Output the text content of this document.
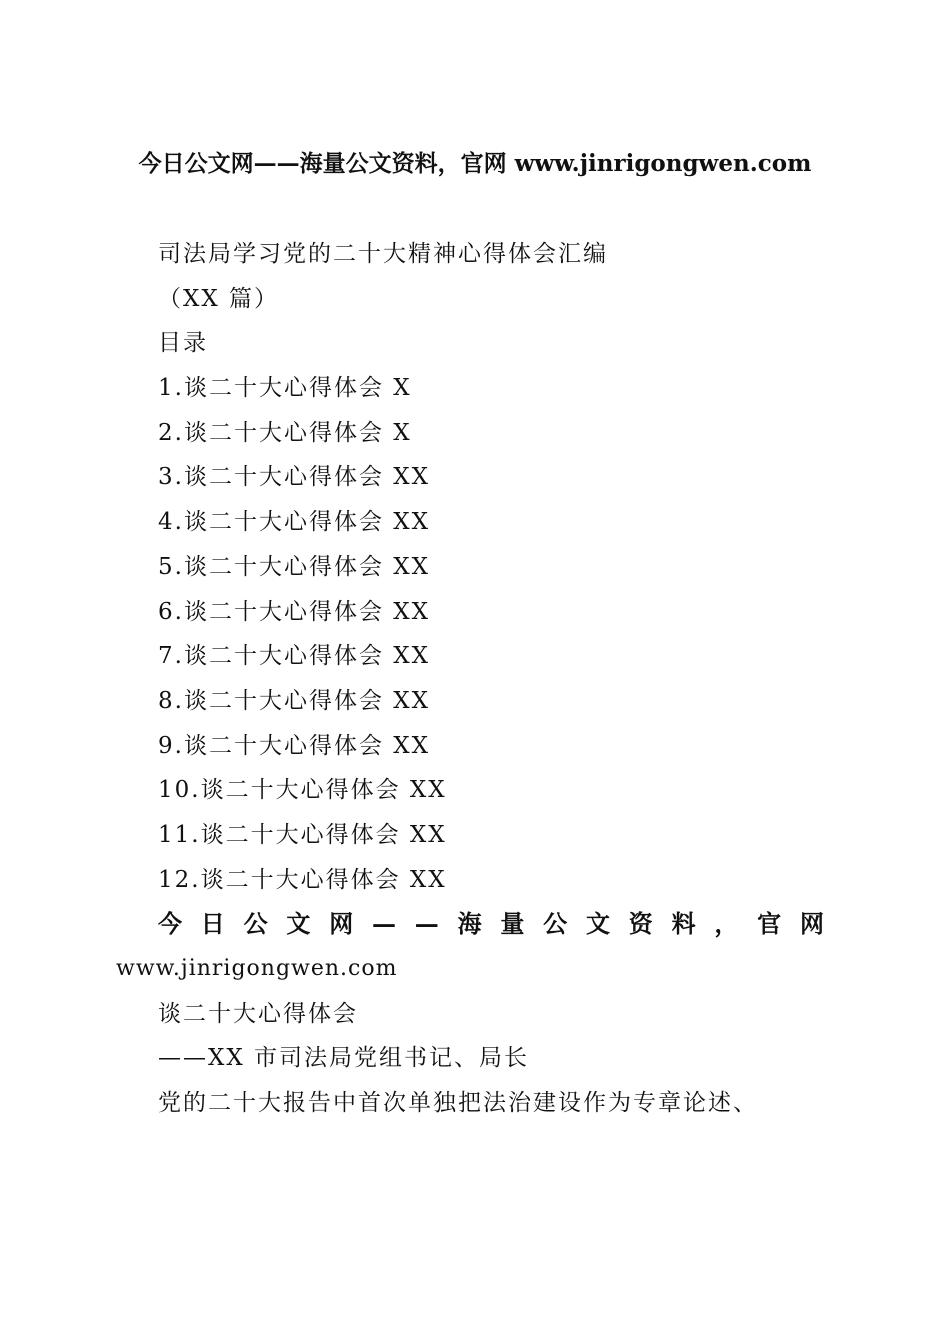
今日公文网——海量公文资料，官网 www.jinrigongwen.com
司法局学习党的二十大精神心得体会汇编
（XX 篇）
目录
1.谈二十大心得体会 X
2.谈二十大心得体会 X
3.谈二十大心得体会 XX
4.谈二十大心得体会 XX
5.谈二十大心得体会 XX
6.谈二十大心得体会 XX
7.谈二十大心得体会 XX
8.谈二十大心得体会 XX
9.谈二十大心得体会 XX
10.谈二十大心得体会 XX
11.谈二十大心得体会 XX
12.谈二十大心得体会 XX
今 日 公 文 网 — — 海 量 公 文 资 料 ， 官 网
www.jinrigongwen.com
谈二十大心得体会
——XX 市司法局党组书记、局长
党的二十大报告中首次单独把法治建设作为专章论述、
